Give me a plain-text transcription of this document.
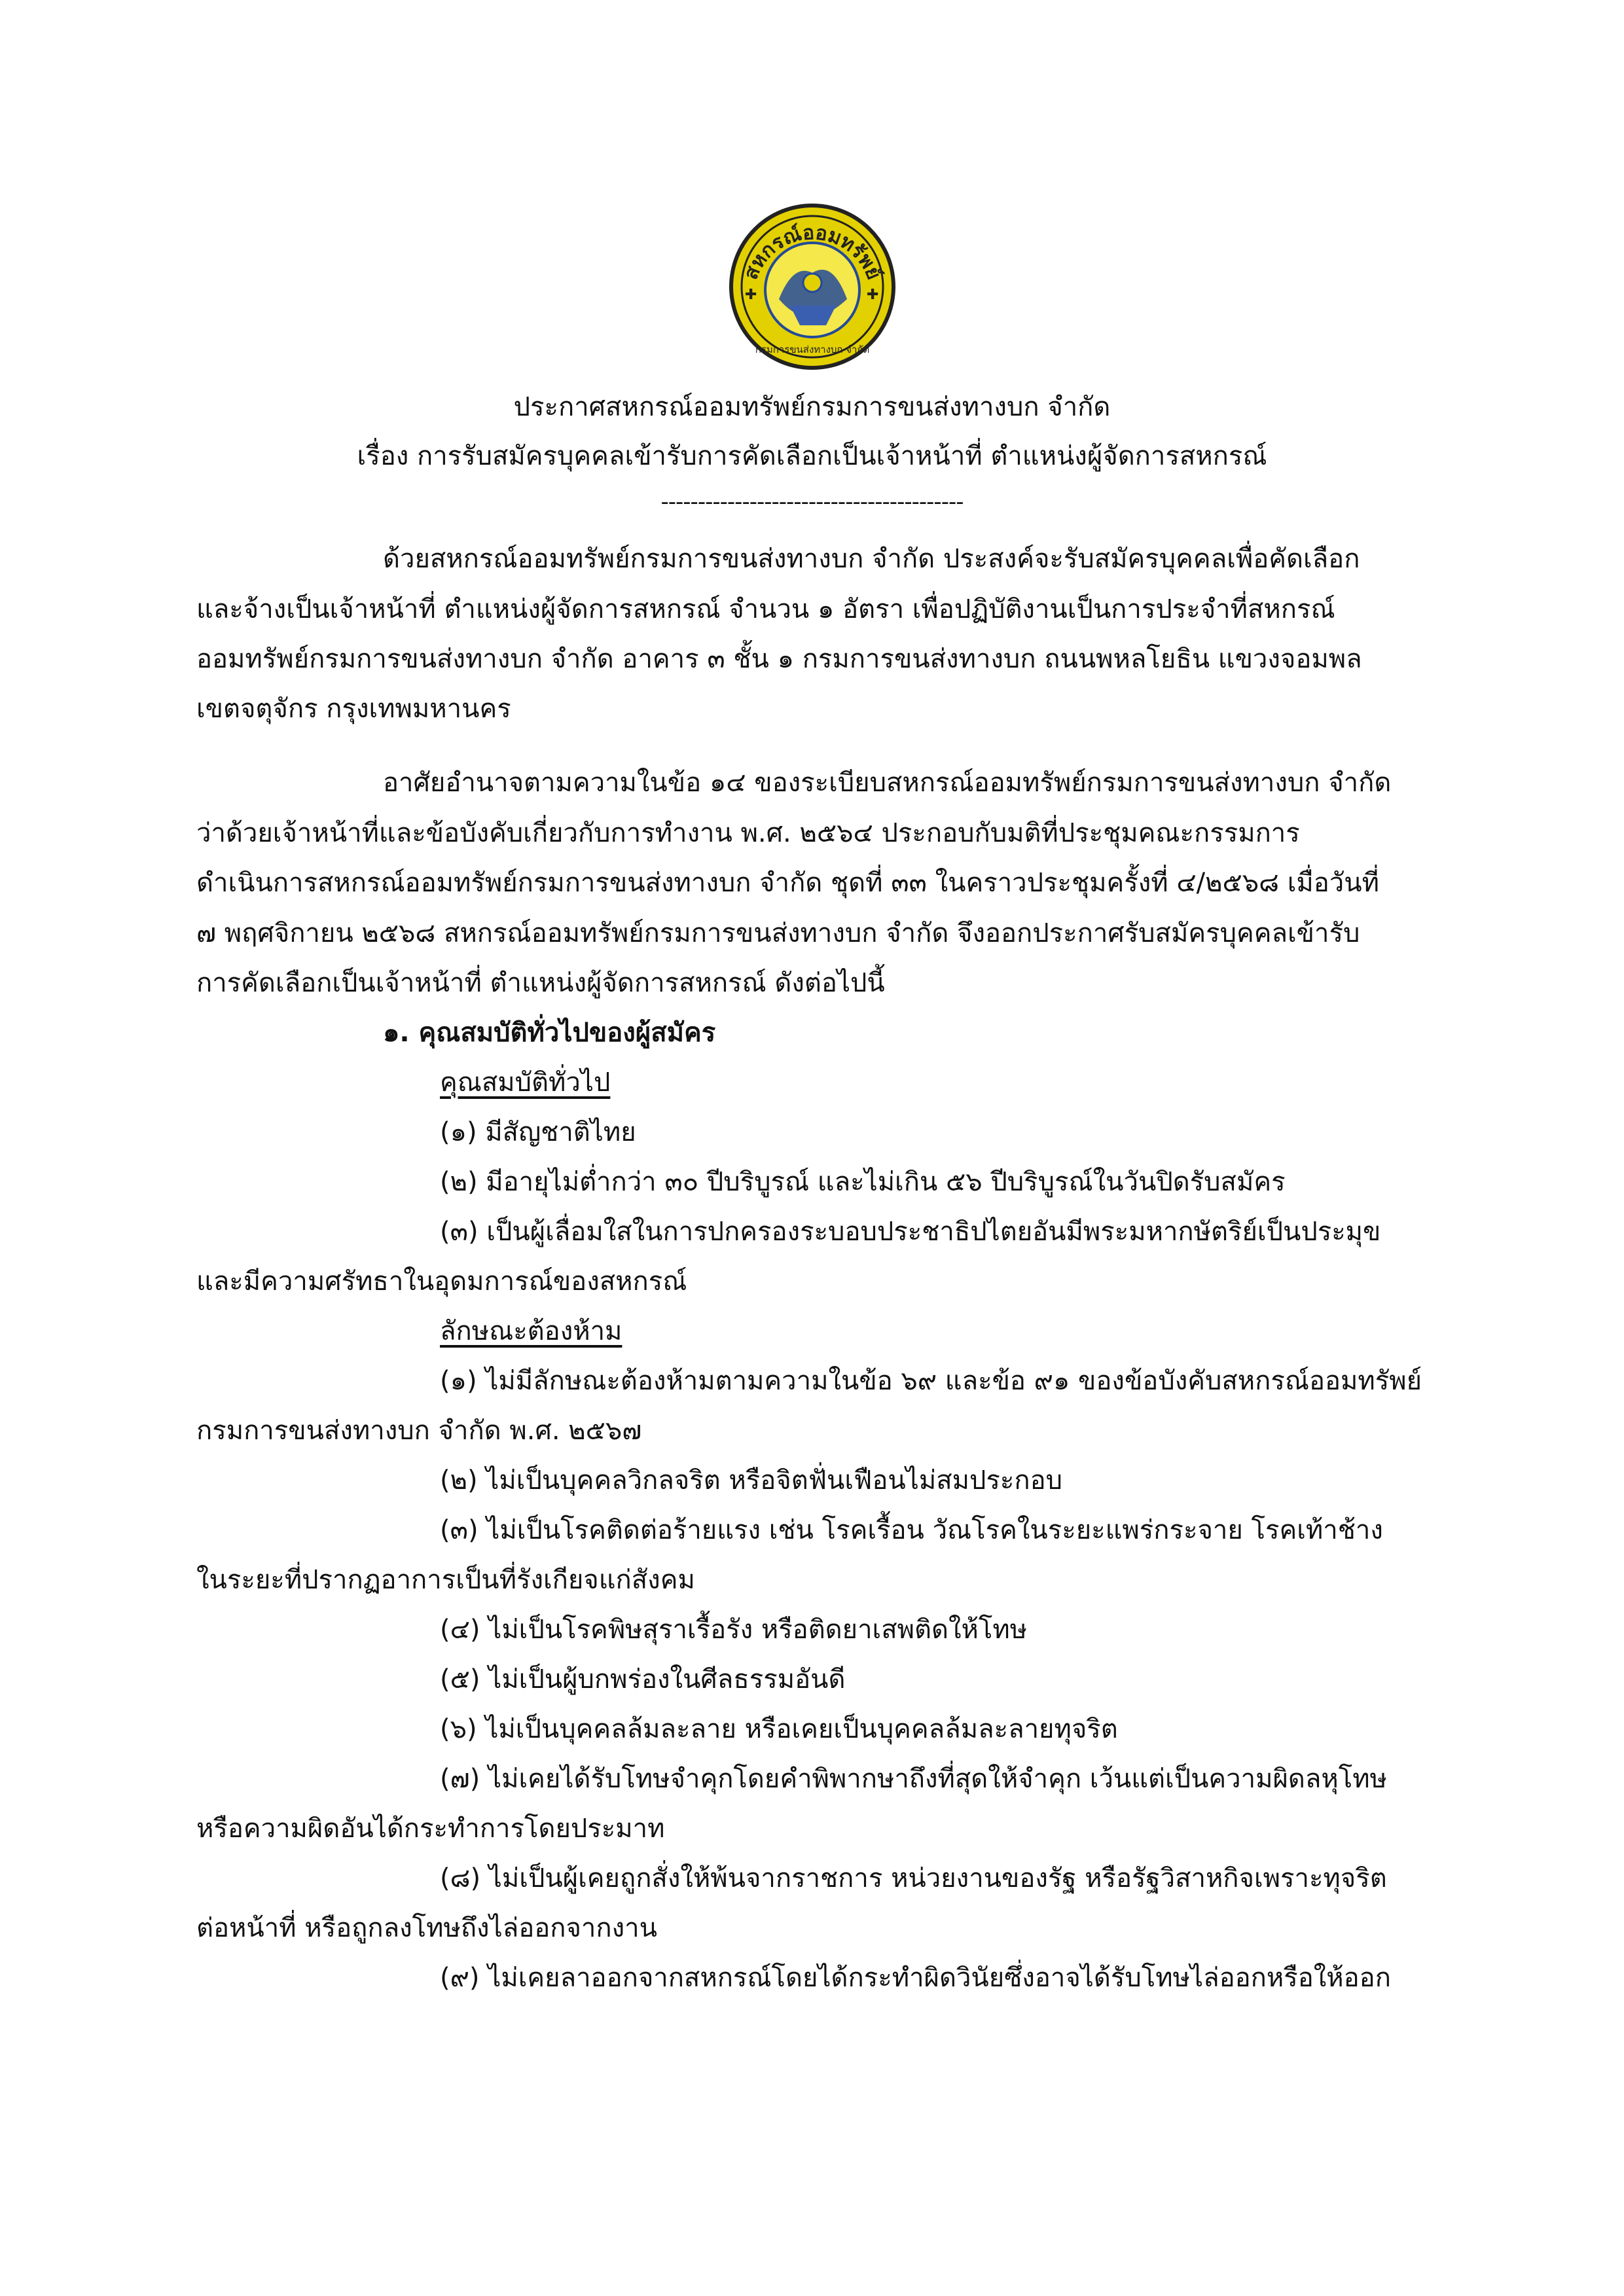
สหกรณ์ออมทรัพย์
กรมการขนส่งทางบก จำกัด
✚	✚
ประกาศสหกรณ์ออมทรัพย์กรมการขนส่งทางบก จำกัด
เรื่อง การรับสมัครบุคคลเข้ารับการคัดเลือกเป็นเจ้าหน้าที่ ตำแหน่งผู้จัดการสหกรณ์
-----------------------------------------
ด้วยสหกรณ์ออมทรัพย์กรมการขนส่งทางบก จำกัด ประสงค์จะรับสมัครบุคคลเพื่อคัดเลือก
และจ้างเป็นเจ้าหน้าที่ ตำแหน่งผู้จัดการสหกรณ์ จำนวน ๑ อัตรา เพื่อปฏิบัติงานเป็นการประจำที่สหกรณ์
ออมทรัพย์กรมการขนส่งทางบก จำกัด อาคาร ๓ ชั้น ๑ กรมการขนส่งทางบก ถนนพหลโยธิน แขวงจอมพล
เขตจตุจักร กรุงเทพมหานคร
อาศัยอำนาจตามความในข้อ ๑๔ ของระเบียบสหกรณ์ออมทรัพย์กรมการขนส่งทางบก จำกัด
ว่าด้วยเจ้าหน้าที่และข้อบังคับเกี่ยวกับการทำงาน พ.ศ. ๒๕๖๔ ประกอบกับมติที่ประชุมคณะกรรมการ
ดำเนินการสหกรณ์ออมทรัพย์กรมการขนส่งทางบก จำกัด ชุดที่ ๓๓ ในคราวประชุมครั้งที่ ๔/๒๕๖๘ เมื่อวันที่
๗ พฤศจิกายน ๒๕๖๘ สหกรณ์ออมทรัพย์กรมการขนส่งทางบก จำกัด จึงออกประกาศรับสมัครบุคคลเข้ารับ
การคัดเลือกเป็นเจ้าหน้าที่ ตำแหน่งผู้จัดการสหกรณ์ ดังต่อไปนี้
๑. คุณสมบัติทั่วไปของผู้สมัคร
คุณสมบัติทั่วไป
(๑) มีสัญชาติไทย
(๒) มีอายุไม่ต่ำกว่า ๓๐ ปีบริบูรณ์ และไม่เกิน ๕๖ ปีบริบูรณ์ในวันปิดรับสมัคร
(๓) เป็นผู้เลื่อมใสในการปกครองระบอบประชาธิปไตยอันมีพระมหากษัตริย์เป็นประมุข
และมีความศรัทธาในอุดมการณ์ของสหกรณ์
ลักษณะต้องห้าม
(๑) ไม่มีลักษณะต้องห้ามตามความในข้อ ๖๙ และข้อ ๙๑ ของข้อบังคับสหกรณ์ออมทรัพย์
กรมการขนส่งทางบก จำกัด พ.ศ. ๒๕๖๗
(๒) ไม่เป็นบุคคลวิกลจริต หรือจิตฟั่นเฟือนไม่สมประกอบ
(๓) ไม่เป็นโรคติดต่อร้ายแรง เช่น โรคเรื้อน วัณโรคในระยะแพร่กระจาย โรคเท้าช้าง
ในระยะที่ปรากฏอาการเป็นที่รังเกียจแก่สังคม
(๔) ไม่เป็นโรคพิษสุราเรื้อรัง หรือติดยาเสพติดให้โทษ
(๕) ไม่เป็นผู้บกพร่องในศีลธรรมอันดี
(๖) ไม่เป็นบุคคลล้มละลาย หรือเคยเป็นบุคคลล้มละลายทุจริต
(๗) ไม่เคยได้รับโทษจำคุกโดยคำพิพากษาถึงที่สุดให้จำคุก เว้นแต่เป็นความผิดลหุโทษ
หรือความผิดอันได้กระทำการโดยประมาท
(๘) ไม่เป็นผู้เคยถูกสั่งให้พ้นจากราชการ หน่วยงานของรัฐ หรือรัฐวิสาหกิจเพราะทุจริต
ต่อหน้าที่ หรือถูกลงโทษถึงไล่ออกจากงาน
(๙) ไม่เคยลาออกจากสหกรณ์โดยได้กระทำผิดวินัยซึ่งอาจได้รับโทษไล่ออกหรือให้ออก
